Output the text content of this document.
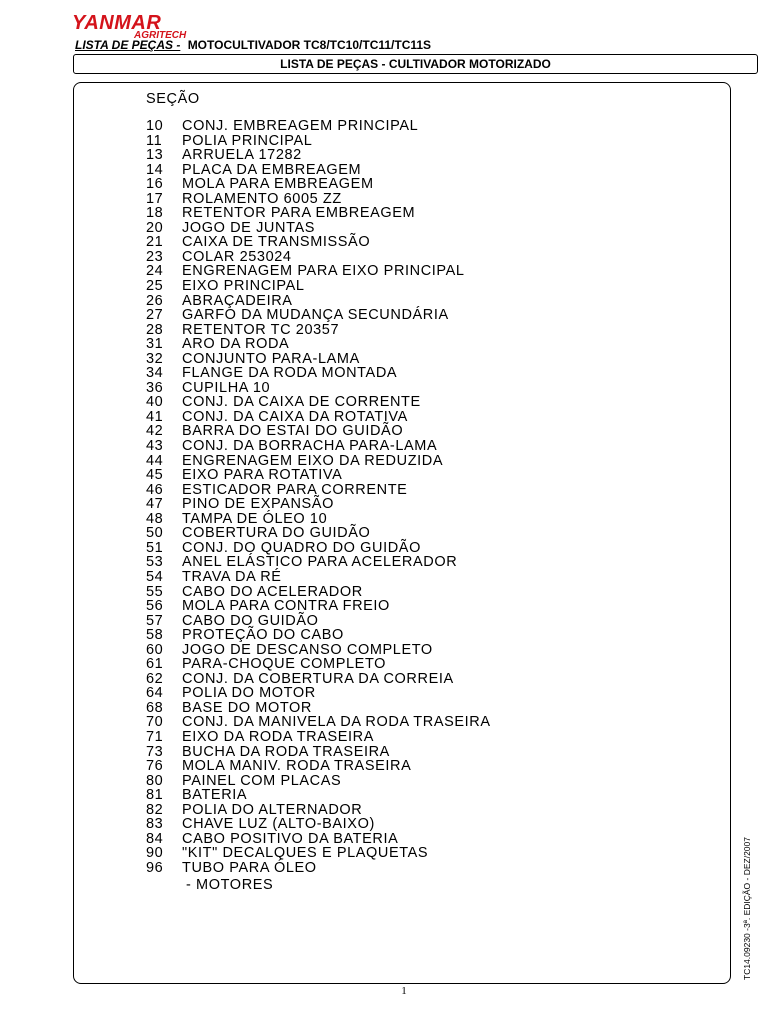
YANMAR
AGRITECH
LISTA DE PEÇAS - MOTOCULTIVADOR TC8/TC10/TC11/TC11S
LISTA DE PEÇAS - CULTIVADOR MOTORIZADO
SEÇÃO
10	CONJ. EMBREAGEM PRINCIPAL
11	POLIA PRINCIPAL
13	ARRUELA 17282
14	PLACA DA EMBREAGEM
16	MOLA PARA EMBREAGEM
17	ROLAMENTO 6005 ZZ
18	RETENTOR PARA EMBREAGEM
20	JOGO DE JUNTAS
21	CAIXA DE TRANSMISSÃO
23	COLAR 253024
24	ENGRENAGEM PARA EIXO PRINCIPAL
25	EIXO PRINCIPAL
26	ABRAÇADEIRA
27	GARFO DA MUDANÇA SECUNDÁRIA
28	RETENTOR TC 20357
31	ARO DA RODA
32	CONJUNTO PARA-LAMA
34	FLANGE DA RODA MONTADA
36	CUPILHA 10
40	CONJ. DA CAIXA DE CORRENTE
41	CONJ. DA CAIXA DA ROTATIVA
42	BARRA DO ESTAI DO GUIDÃO
43	CONJ. DA BORRACHA PARA-LAMA
44	ENGRENAGEM EIXO DA REDUZIDA
45	EIXO PARA ROTATIVA
46	ESTICADOR PARA CORRENTE
47	PINO DE EXPANSÃO
48	TAMPA DE ÓLEO 10
50	COBERTURA DO GUIDÃO
51	CONJ. DO QUADRO DO GUIDÃO
53	ANEL ELÁSTICO PARA ACELERADOR
54	TRAVA DA RÉ
55	CABO DO ACELERADOR
56	MOLA PARA CONTRA FREIO
57	CABO DO GUIDÃO
58	PROTEÇÃO DO CABO
60	JOGO DE DESCANSO COMPLETO
61	PARA-CHOQUE COMPLETO
62	CONJ. DA COBERTURA DA CORREIA
64	POLIA DO MOTOR
68	BASE DO MOTOR
70	CONJ. DA MANIVELA DA RODA TRASEIRA
71	EIXO DA RODA TRASEIRA
73	BUCHA DA RODA TRASEIRA
76	MOLA MANIV. RODA TRASEIRA
80	PAINEL COM PLACAS
81	BATERIA
82	POLIA DO ALTERNADOR
83	CHAVE LUZ (ALTO-BAIXO)
84	CABO POSITIVO DA BATERIA
90	"KIT" DECALQUES E PLAQUETAS
96	TUBO PARA ÓLEO
- MOTORES	TC14.09230 -3ª. EDIÇÃO - DEZ/2007
1
